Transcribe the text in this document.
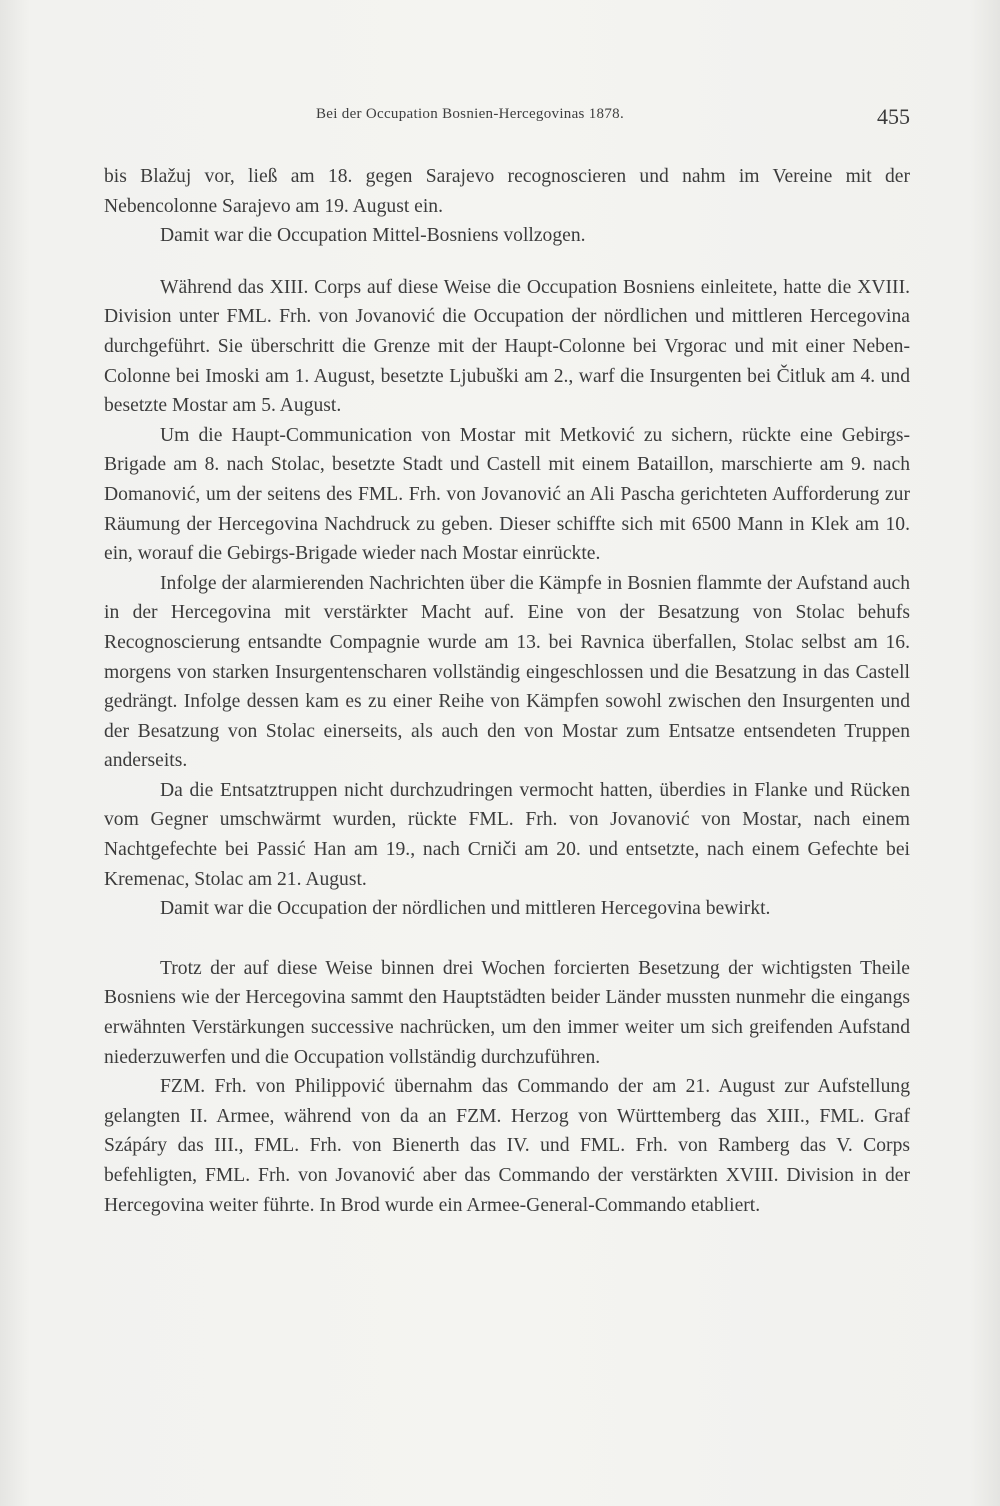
Bei der Occupation Bosnien-Hercegovinas 1878.	455

bis Blažuj vor, ließ am 18. gegen Sarajevo recognoscieren und nahm im Vereine mit der Nebencolonne Sarajevo am 19. August ein.

Damit war die Occupation Mittel-Bosniens vollzogen.

Während das XIII. Corps auf diese Weise die Occupation Bosniens einleitete, hatte die XVIII. Division unter FML. Frh. von Jovanović die Occupation der nördlichen und mittleren Hercegovina durchgeführt. Sie überschritt die Grenze mit der Haupt-Colonne bei Vrgorac und mit einer Neben-Colonne bei Imoski am 1. August, besetzte Ljubuški am 2., warf die Insurgenten bei Čitluk am 4. und besetzte Mostar am 5. August.

Um die Haupt-Communication von Mostar mit Metković zu sichern, rückte eine Gebirgs-Brigade am 8. nach Stolac, besetzte Stadt und Castell mit einem Bataillon, marschierte am 9. nach Domanović, um der seitens des FML. Frh. von Jovanović an Ali Pascha gerichteten Aufforderung zur Räumung der Hercegovina Nachdruck zu geben. Dieser schiffte sich mit 6500 Mann in Klek am 10. ein, worauf die Gebirgs-Brigade wieder nach Mostar einrückte.

Infolge der alarmierenden Nachrichten über die Kämpfe in Bosnien flammte der Aufstand auch in der Hercegovina mit verstärkter Macht auf. Eine von der Besatzung von Stolac behufs Recognoscierung entsandte Compagnie wurde am 13. bei Ravnica überfallen, Stolac selbst am 16. morgens von starken Insurgentenscharen vollständig eingeschlossen und die Besatzung in das Castell gedrängt. Infolge dessen kam es zu einer Reihe von Kämpfen sowohl zwischen den Insurgenten und der Besatzung von Stolac einerseits, als auch den von Mostar zum Entsatze entsendeten Truppen anderseits.

Da die Entsatztruppen nicht durchzudringen vermocht hatten, überdies in Flanke und Rücken vom Gegner umschwärmt wurden, rückte FML. Frh. von Jovanović von Mostar, nach einem Nachtgefechte bei Passić Han am 19., nach Crniči am 20. und entsetzte, nach einem Gefechte bei Kremenac, Stolac am 21. August.

Damit war die Occupation der nördlichen und mittleren Hercegovina bewirkt.

Trotz der auf diese Weise binnen drei Wochen forcierten Besetzung der wichtigsten Theile Bosniens wie der Hercegovina sammt den Hauptstädten beider Länder mussten nunmehr die eingangs erwähnten Verstärkungen successive nachrücken, um den immer weiter um sich greifenden Aufstand niederzuwerfen und die Occupation vollständig durchzuführen.

FZM. Frh. von Philippović übernahm das Commando der am 21. August zur Aufstellung gelangten II. Armee, während von da an FZM. Herzog von Württemberg das XIII., FML. Graf Szápáry das III., FML. Frh. von Bienerth das IV. und FML. Frh. von Ramberg das V. Corps befehligten, FML. Frh. von Jovanović aber das Commando der verstärkten XVIII. Division in der Hercegovina weiter führte. In Brod wurde ein Armee-General-Commando etabliert.
